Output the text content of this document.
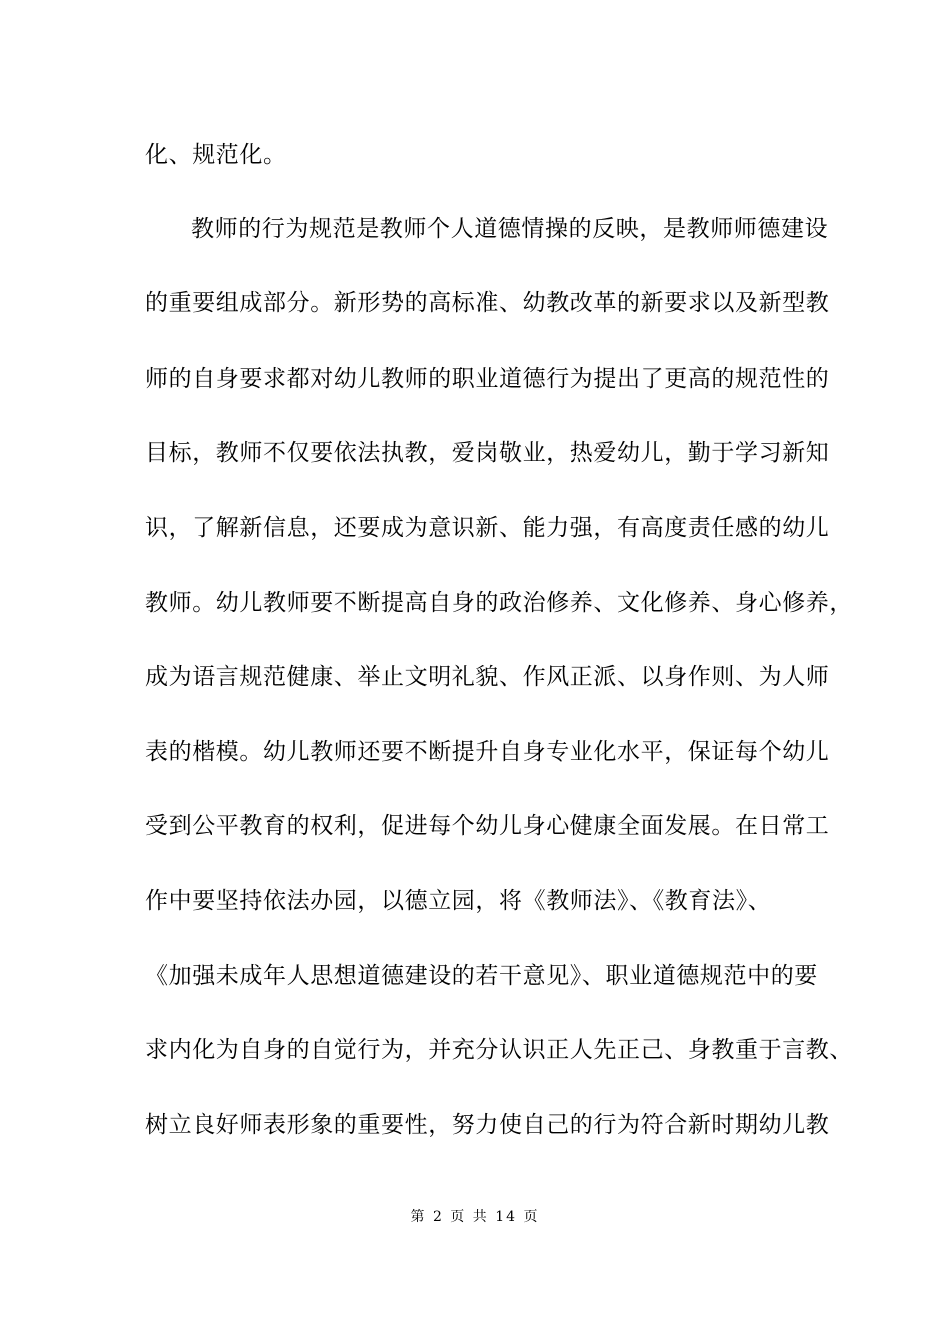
化、规范化。
教师的行为规范是教师个人道德情操的反映，是教师师德建设
的重要组成部分。新形势的高标准、幼教改革的新要求以及新型教
师的自身要求都对幼儿教师的职业道德行为提出了更高的规范性的
目标，教师不仅要依法执教，爱岗敬业，热爱幼儿，勤于学习新知
识，了解新信息，还要成为意识新、能力强，有高度责任感的幼儿
教师。幼儿教师要不断提高自身的政治修养、文化修养、身心修养，
成为语言规范健康、举止文明礼貌、作风正派、以身作则、为人师
表的楷模。幼儿教师还要不断提升自身专业化水平，保证每个幼儿
受到公平教育的权利，促进每个幼儿身心健康全面发展。在日常工
作中要坚持依法办园，以德立园，将《教师法》、《教育法》、
《加强未成年人思想道德建设的若干意见》、职业道德规范中的要
求内化为自身的自觉行为，并充分认识正人先正己、身教重于言教、
树立良好师表形象的重要性，努力使自己的行为符合新时期幼儿教
第 2 页 共 14 页
